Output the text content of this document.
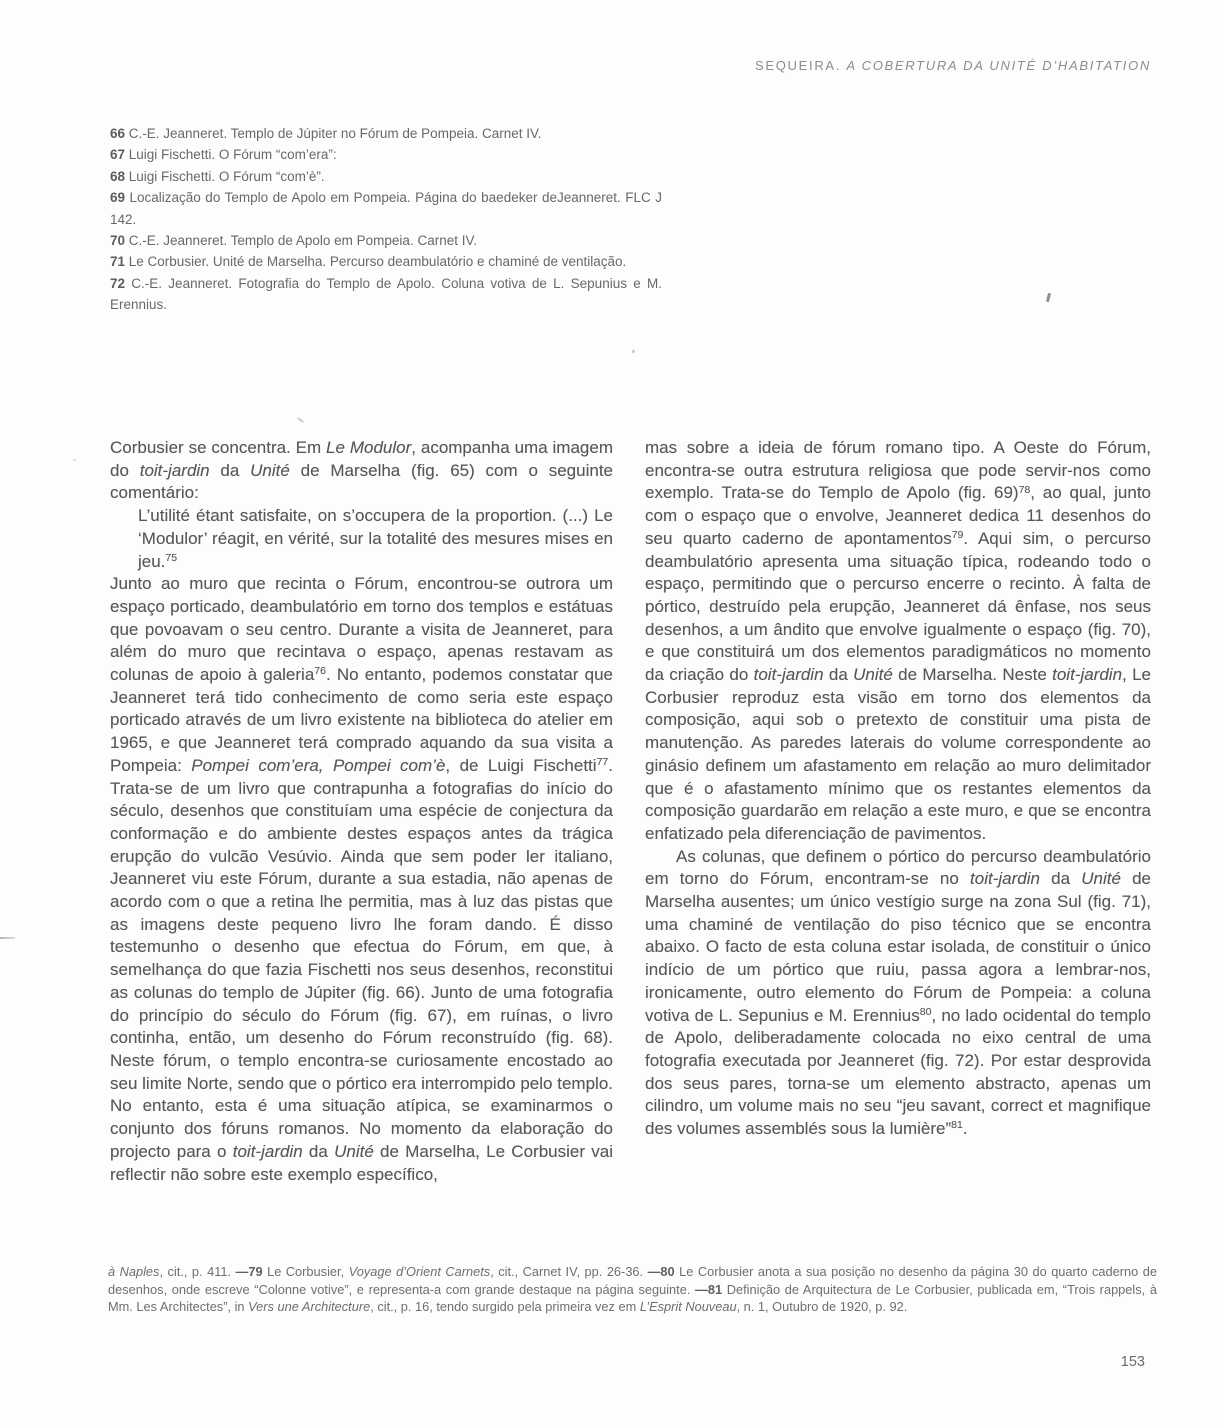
SEQUEIRA. A COBERTURA DA UNITÉ D’HABITATION

66 C.-E. Jeanneret. Templo de Júpiter no Fórum de Pompeia. Carnet IV.

67 Luigi Fischetti. O Fórum “com’era”:

68 Luigi Fischetti. O Fórum “com’è”.

69 Localização do Templo de Apolo em Pompeia. Página do baedeker deJeanneret. FLC J 142.

70 C.-E. Jeanneret. Templo de Apolo em Pompeia. Carnet IV.

71 Le Corbusier. Unité de Marselha. Percurso deambulatório e chaminé de ventilação.

72 C.-E. Jeanneret. Fotografia do Templo de Apolo. Coluna votiva de L. Sepunius e M. Erennius.

Corbusier se concentra. Em Le Modulor, acompanha uma imagem do toit-jardin da Unité de Marselha (fig. 65) com o seguinte comentário:

L’utilité étant satisfaite, on s’occupera de la proportion. (...) Le ‘Modulor’ réagit, en vérité, sur la totalité des mesures mises en jeu.$^{75}$

Junto ao muro que recinta o Fórum, encontrou-se outrora um espaço porticado, deambulatório em torno dos templos e estátuas que povoavam o seu centro. Durante a visita de Jeanneret, para além do muro que recintava o espaço, apenas restavam as colunas de apoio à galeria$^{76}$. No entanto, podemos constatar que Jeanneret terá tido conhecimento de como seria este espaço porticado através de um livro existente na biblioteca do atelier em 1965, e que Jeanneret terá comprado aquando da sua visita a Pompeia: Pompei com’era, Pompei com’è, de Luigi Fischetti$^{77}$. Trata-se de um livro que contrapunha a fotografias do início do século, desenhos que constituíam uma espécie de conjectura da conformação e do ambiente destes espaços antes da trágica erupção do vulcão Vesúvio. Ainda que sem poder ler italiano, Jeanneret viu este Fórum, durante a sua estadia, não apenas de acordo com o que a retina lhe permitia, mas à luz das pistas que as imagens deste pequeno livro lhe foram dando. É disso testemunho o desenho que efectua do Fórum, em que, à semelhança do que fazia Fischetti nos seus desenhos, reconstitui as colunas do templo de Júpiter (fig. 66). Junto de uma fotografia do princípio do século do Fórum (fig. 67), em ruínas, o livro continha, então, um desenho do Fórum reconstruído (fig. 68). Neste fórum, o templo encontra-se curiosamente encostado ao seu limite Norte, sendo que o pórtico era interrompido pelo templo. No entanto, esta é uma situação atípica, se examinarmos o conjunto dos fóruns romanos. No momento da elaboração do projecto para o toit-jardin da Unité de Marselha, Le Corbusier vai reflectir não sobre este exemplo específico,

mas sobre a ideia de fórum romano tipo. A Oeste do Fórum, encontra-se outra estrutura religiosa que pode servir-nos como exemplo. Trata-se do Templo de Apolo (fig. 69)$^{78}$, ao qual, junto com o espaço que o envolve, Jeanneret dedica 11 desenhos do seu quarto caderno de apontamentos$^{79}$. Aqui sim, o percurso deambulatório apresenta uma situação típica, rodeando todo o espaço, permitindo que o percurso encerre o recinto. À falta de pórtico, destruído pela erupção, Jeanneret dá ênfase, nos seus desenhos, a um ândito que envolve igualmente o espaço (fig. 70), e que constituirá um dos elementos paradigmáticos no momento da criação do toit-jardin da Unité de Marselha. Neste toit-jardin, Le Corbusier reproduz esta visão em torno dos elementos da composição, aqui sob o pretexto de constituir uma pista de manutenção. As paredes laterais do volume correspondente ao ginásio definem um afastamento em relação ao muro delimitador que é o afastamento mínimo que os restantes elementos da composição guardarão em relação a este muro, e que se encontra enfatizado pela diferenciação de pavimentos.

As colunas, que definem o pórtico do percurso deambulatório em torno do Fórum, encontram-se no toit-jardin da Unité de Marselha ausentes; um único vestígio surge na zona Sul (fig. 71), uma chaminé de ventilação do piso técnico que se encontra abaixo. O facto de esta coluna estar isolada, de constituir o único indício de um pórtico que ruiu, passa agora a lembrar-nos, ironicamente, outro elemento do Fórum de Pompeia: a coluna votiva de L. Sepunius e M. Erennius$^{80}$, no lado ocidental do templo de Apolo, deliberadamente colocada no eixo central de uma fotografia executada por Jeanneret (fig. 72). Por estar desprovida dos seus pares, torna-se um elemento abstracto, apenas um cilindro, um volume mais no seu “jeu savant, correct et magnifique des volumes assemblés sous la lumière”$^{81}$.

à Naples, cit., p. 411. —79 Le Corbusier, Voyage d’Orient Carnets, cit., Carnet IV, pp. 26-36. —80 Le Corbusier anota a sua posição no desenho da página 30 do quarto caderno de desenhos, onde escreve “Colonne votive”, e representa-a com grande destaque na página seguinte. —81 Definição de Arquitectura de Le Corbusier, publicada em, “Trois rappels, à Mm. Les Architectes”, in Vers une Architecture, cit., p. 16, tendo surgido pela primeira vez em L’Esprit Nouveau, n. 1, Outubro de 1920, p. 92.
153
